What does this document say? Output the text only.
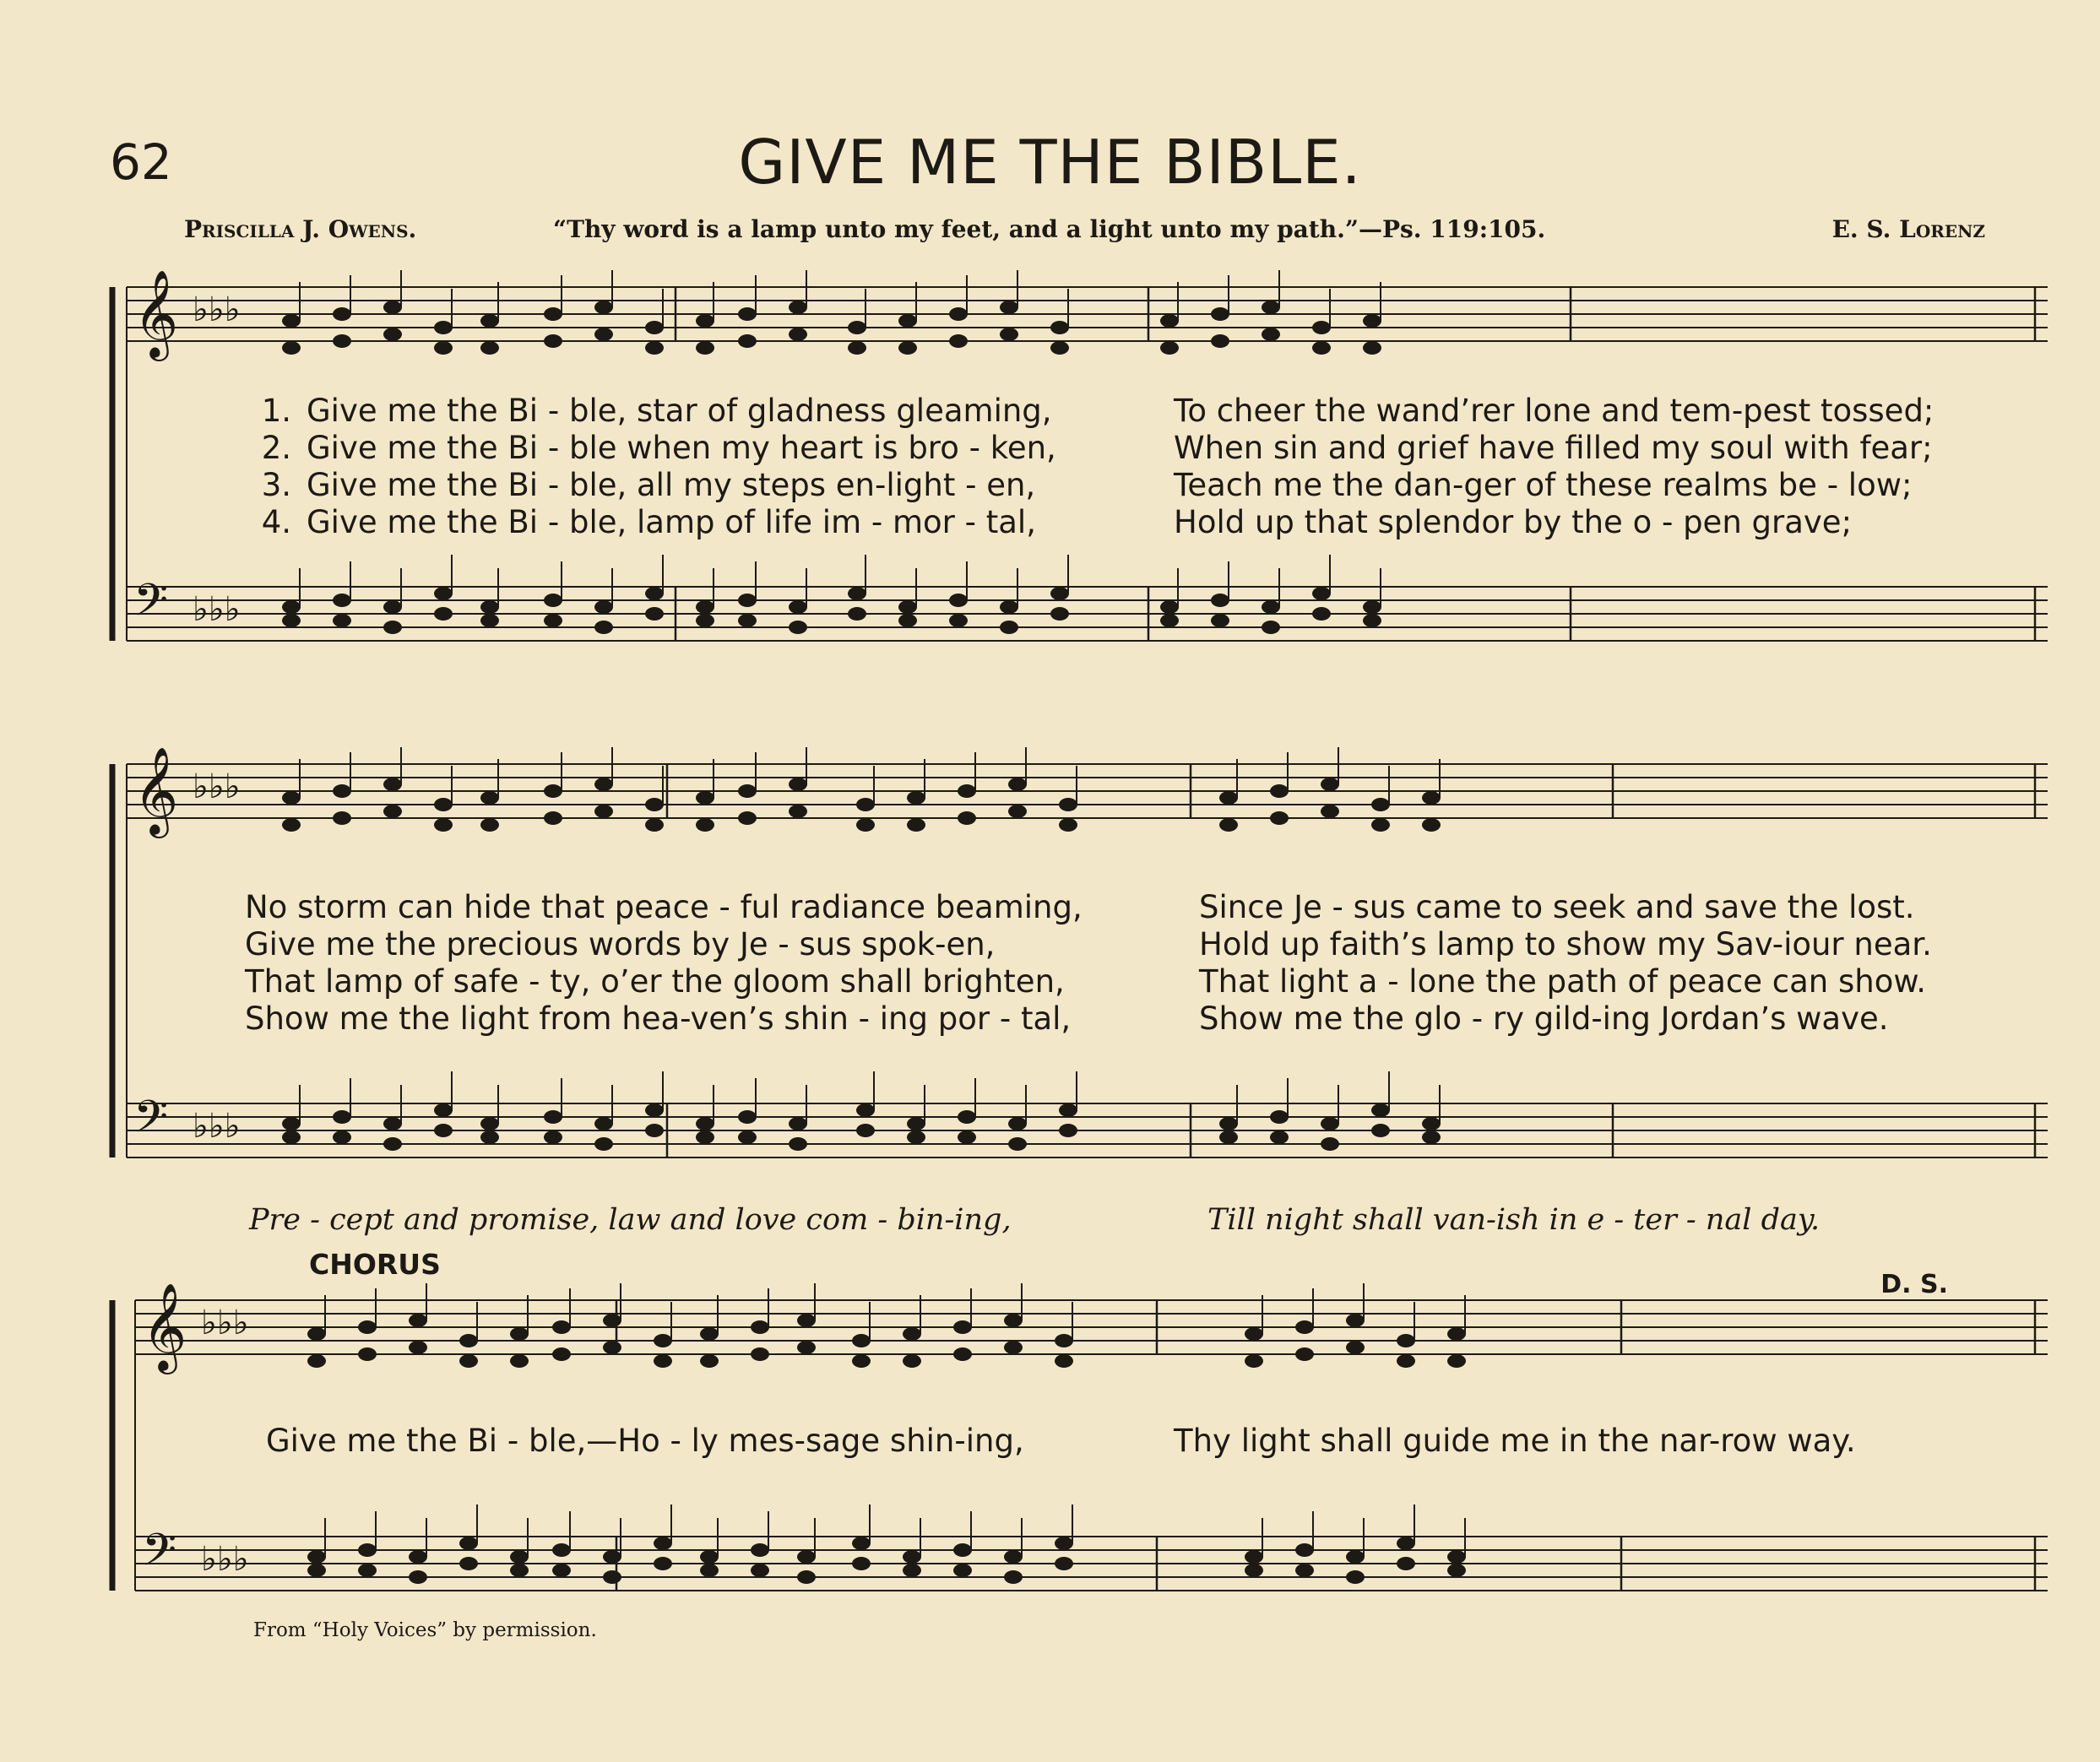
62	GIVE ME THE BIBLE.
Priscilla J. Owens.	“Thy word is a lamp unto my feet, and a light unto my path.”—Ps. 119:105.	E. S. Lorenz
𝄞 ♭♭♭
𝄢 ♭♭♭
1. Give me the Bi - ble, star of gladness gleaming,	To cheer the wand’rer lone and tem-pest tossed;
2. Give me the Bi - ble when my heart is bro - ken,	When sin and grief have filled my soul with fear;
3. Give me the Bi - ble, all my steps en-light - en,	Teach me the dan-ger of these realms be - low;
4. Give me the Bi - ble, lamp of life im - mor - tal,	Hold up that splendor by the o - pen grave;
𝄞 ♭♭♭
𝄢 ♭♭♭
No storm can hide that peace - ful radiance beaming,	Since Je - sus came to seek and save the lost.
Give me the precious words by Je - sus spok-en,	Hold up faith’s lamp to show my Sav-iour near.
That lamp of safe - ty, o’er the gloom shall brighten,	That light a - lone the path of peace can show.
Show me the light from hea-ven’s shin - ing por - tal,	Show me the glo - ry gild-ing Jordan’s wave.
Pre - cept and promise, law and love com - bin-ing,	Till night shall van-ish in e - ter - nal day.
CHORUS
D. S.
𝄞 ♭♭♭
𝄢 ♭♭♭
Give me the Bi - ble,—Ho - ly mes-sage shin-ing,	Thy light shall guide me in the nar-row way.
From “Holy Voices” by permission.
